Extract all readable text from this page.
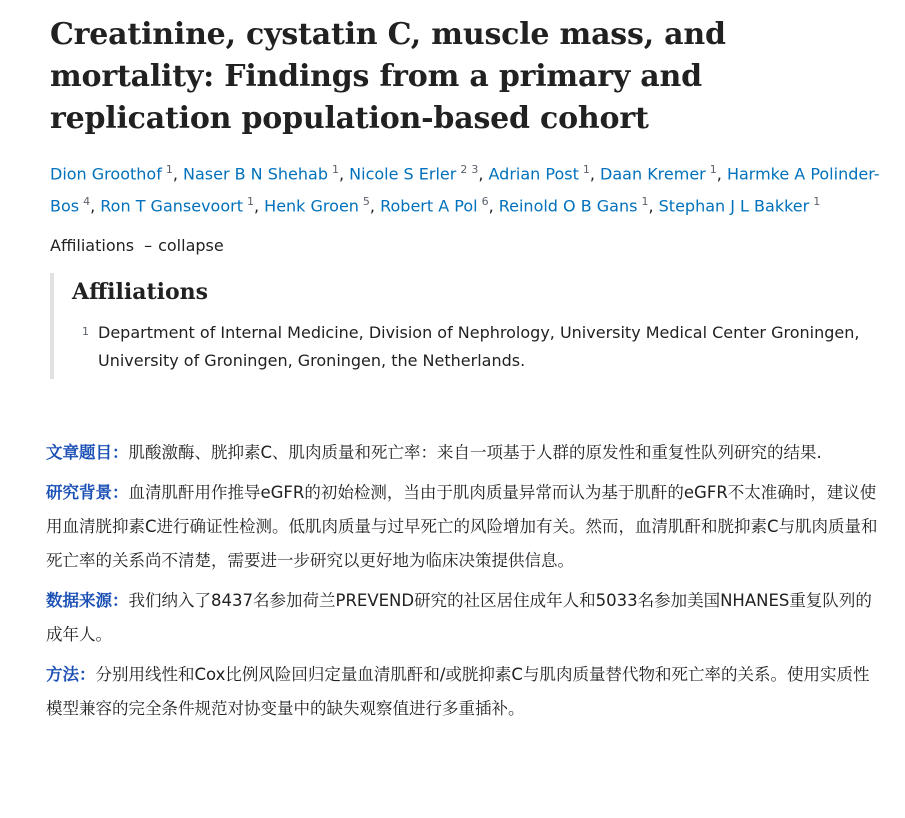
Creatinine, cystatin C, muscle mass, and mortality: Findings from a primary and replication population-based cohort
Dion Groothof $^1$, Naser B N Shehab $^1$, Nicole S Erler $^2$ $^3$, Adrian Post $^1$, Daan Kremer $^1$, Harmke A Polinder-Bos $^4$, Ron T Gansevoort $^1$, Henk Groen $^5$, Robert A Pol $^6$, Reinold O B Gans $^1$, Stephan J L Bakker $^1$
Affiliations – collapse
Affiliations
1 Department of Internal Medicine, Division of Nephrology, University Medical Center Groningen, University of Groningen, Groningen, the Netherlands.

文章题目：肌酸激酶、胱抑素C、肌肉质量和死亡率：来自一项基于人群的原发性和重复性队列研究的结果.

研究背景：血清肌酐用作推导eGFR的初始检测，当由于肌肉质量异常而认为基于肌酐的eGFR不太准确时，建议使用血清胱抑素C进行确证性检测。低肌肉质量与过早死亡的风险增加有关。然而，血清肌酐和胱抑素C与肌肉质量和死亡率的关系尚不清楚，需要进一步研究以更好地为临床决策提供信息。

数据来源：我们纳入了8437名参加荷兰PREVEND研究的社区居住成年人和5033名参加美国NHANES重复队列的成年人。

方法：分别用线性和Cox比例风险回归定量血清肌酐和/或胱抑素C与肌肉质量替代物和死亡率的关系。使用实质性模型兼容的完全条件规范对协变量中的缺失观察值进行多重插补。
